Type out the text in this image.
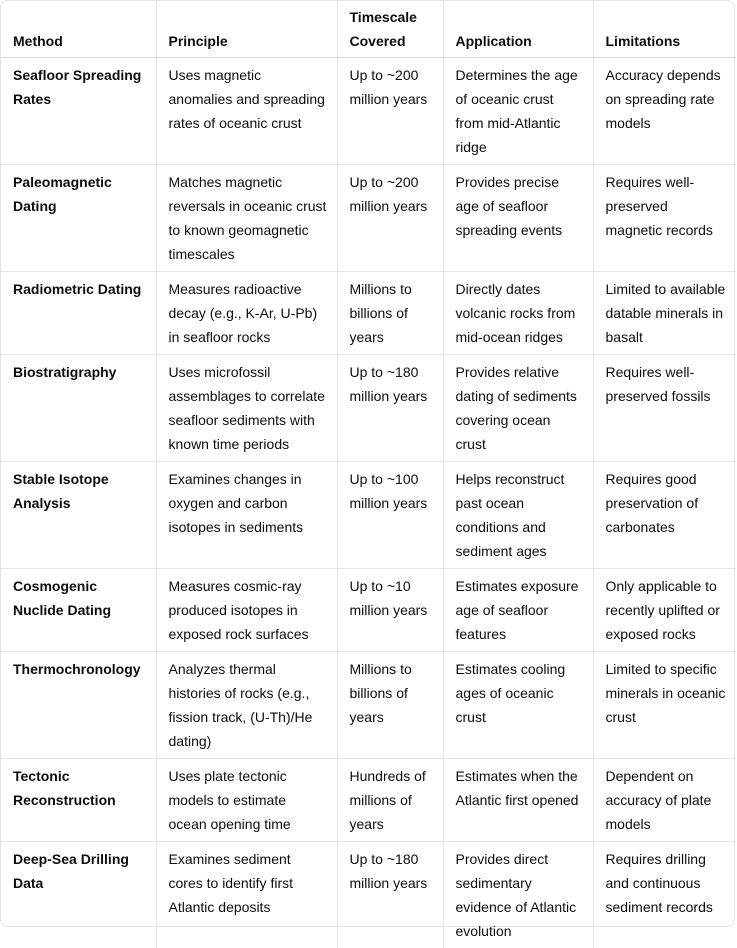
Method	Principle	Timescale Covered	Application	Limitations
Seafloor Spreading Rates	Uses magnetic anomalies and spreading rates of oceanic crust	Up to ~200 million years	Determines the age of oceanic crust from mid-Atlantic ridge	Accuracy depends on spreading rate models
Paleomagnetic Dating	Matches magnetic reversals in oceanic crust to known geomagnetic timescales	Up to ~200 million years	Provides precise age of seafloor spreading events	Requires well-preserved magnetic records
Radiometric Dating	Measures radioactive decay (e.g., K-Ar, U-Pb) in seafloor rocks	Millions to billions of years	Directly dates volcanic rocks from mid-ocean ridges	Limited to available datable minerals in basalt
Biostratigraphy	Uses microfossil assemblages to correlate seafloor sediments with known time periods	Up to ~180 million years	Provides relative dating of sediments covering ocean crust	Requires well-preserved fossils
Stable Isotope Analysis	Examines changes in oxygen and carbon isotopes in sediments	Up to ~100 million years	Helps reconstruct past ocean conditions and sediment ages	Requires good preservation of carbonates
Cosmogenic Nuclide Dating	Measures cosmic-ray produced isotopes in exposed rock surfaces	Up to ~10 million years	Estimates exposure age of seafloor features	Only applicable to recently uplifted or exposed rocks
Thermochronology	Analyzes thermal histories of rocks (e.g., fission track, (U-Th)/He dating)	Millions to billions of years	Estimates cooling ages of oceanic crust	Limited to specific minerals in oceanic crust
Tectonic Reconstruction	Uses plate tectonic models to estimate ocean opening time	Hundreds of millions of years	Estimates when the Atlantic first opened	Dependent on accuracy of plate models
Deep-Sea Drilling Data	Examines sediment cores to identify first Atlantic deposits	Up to ~180 million years	Provides direct sedimentary evidence of Atlantic evolution	Requires drilling and continuous sediment records
